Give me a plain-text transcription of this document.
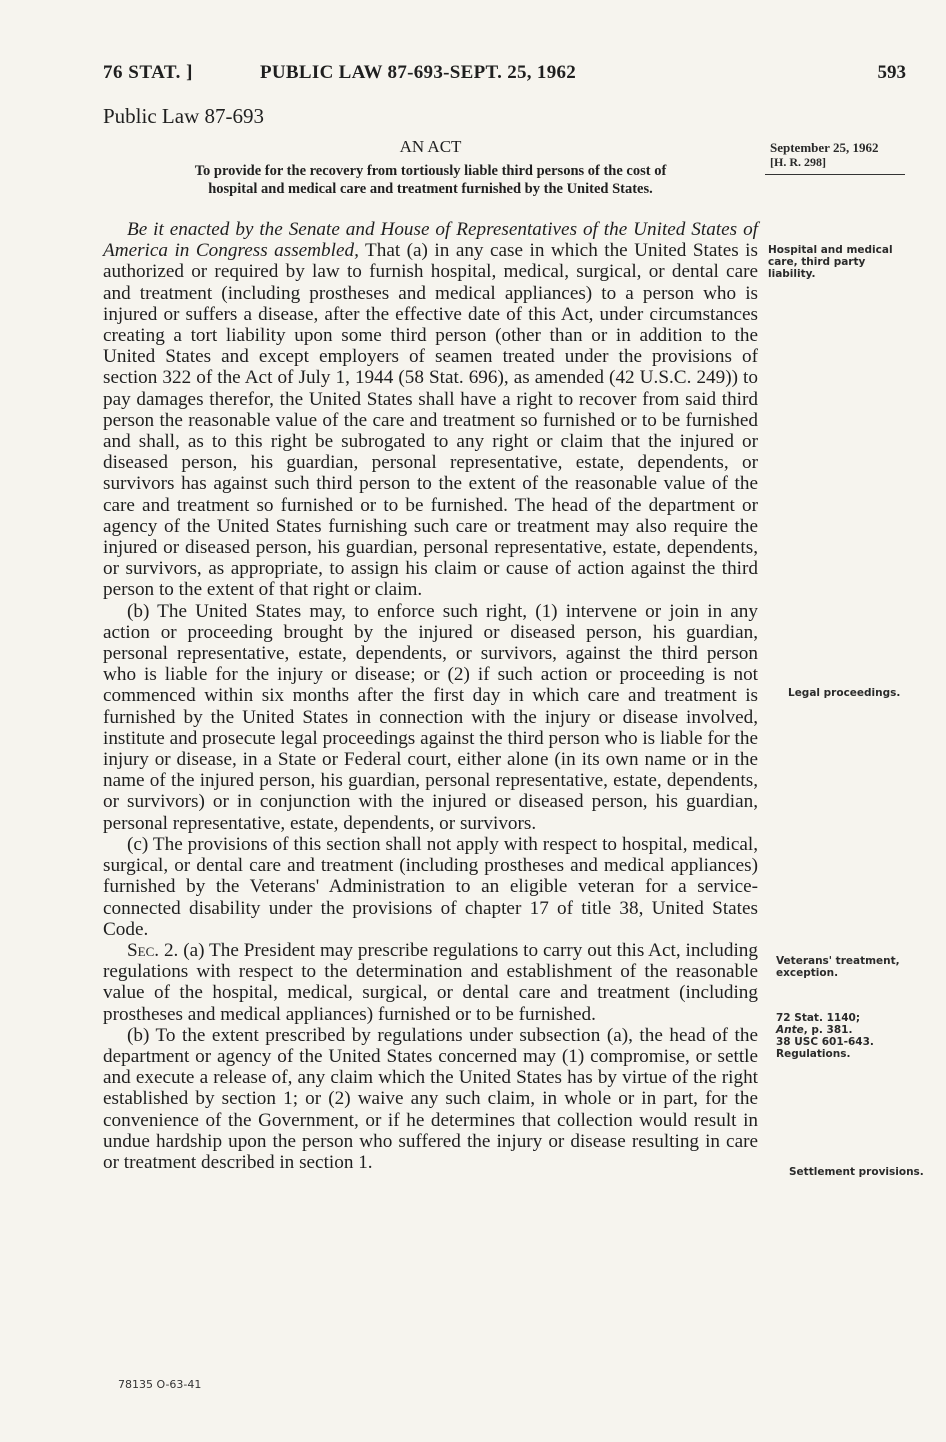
76 STAT. ]	PUBLIC LAW 87-693-SEPT. 25, 1962	593
Public Law 87-693
AN ACT
To provide for the recovery from tortiously liable third persons of the cost of
hospital and medical care and treatment furnished by the United States.

Be it enacted by the Senate and House of Representatives of the United States of America in Congress assembled, That (a) in any case in which the United States is authorized or required by law to furnish hospital, medical, surgical, or dental care and treatment (including prostheses and medical appliances) to a person who is injured or suffers a disease, after the effective date of this Act, under circumstances creating a tort liability upon some third person (other than or in addition to the United States and except employers of seamen treated under the provisions of section 322 of the Act of July 1, 1944 (58 Stat. 696), as amended (42 U.S.C. 249)) to pay damages therefor, the United States shall have a right to recover from said third person the reasonable value of the care and treatment so furnished or to be furnished and shall, as to this right be subrogated to any right or claim that the injured or diseased person, his guardian, personal representative, estate, dependents, or survivors has against such third person to the extent of the reasonable value of the care and treatment so furnished or to be furnished. The head of the department or agency of the United States furnishing such care or treatment may also require the injured or diseased person, his guardian, personal representative, estate, dependents, or survivors, as appropriate, to assign his claim or cause of action against the third person to the extent of that right or claim.

(b) The United States may, to enforce such right, (1) intervene or join in any action or proceeding brought by the injured or diseased person, his guardian, personal representative, estate, dependents, or survivors, against the third person who is liable for the injury or disease; or (2) if such action or proceeding is not commenced within six months after the first day in which care and treatment is furnished by the United States in connection with the injury or disease involved, institute and prosecute legal proceedings against the third person who is liable for the injury or disease, in a State or Federal court, either alone (in its own name or in the name of the injured person, his guardian, personal representative, estate, dependents, or survivors) or in conjunction with the injured or diseased person, his guardian, personal representative, estate, dependents, or survivors.

(c) The provisions of this section shall not apply with respect to hospital, medical, surgical, or dental care and treatment (including prostheses and medical appliances) furnished by the Veterans' Administration to an eligible veteran for a service-connected disability under the provisions of chapter 17 of title 38, United States Code.

Sec. 2. (a) The President may prescribe regulations to carry out this Act, including regulations with respect to the determination and establishment of the reasonable value of the hospital, medical, surgical, or dental care and treatment (including prostheses and medical appliances) furnished or to be furnished.

(b) To the extent prescribed by regulations under subsection (a), the head of the department or agency of the United States concerned may (1) compromise, or settle and execute a release of, any claim which the United States has by virtue of the right established by section 1; or (2) waive any such claim, in whole or in part, for the convenience of the Government, or if he determines that collection would result in undue hardship upon the person who suffered the injury or disease resulting in care or treatment described in section 1.

September 25, 1962
[H. R. 298]
Hospital and medical care, third party liability.
Legal proceedings.
Veterans' treatment, exception.
72 Stat. 1140;
Ante, p. 381.
38 USC 601-643.
Regulations.
Settlement provisions.
78135 O-63-41
